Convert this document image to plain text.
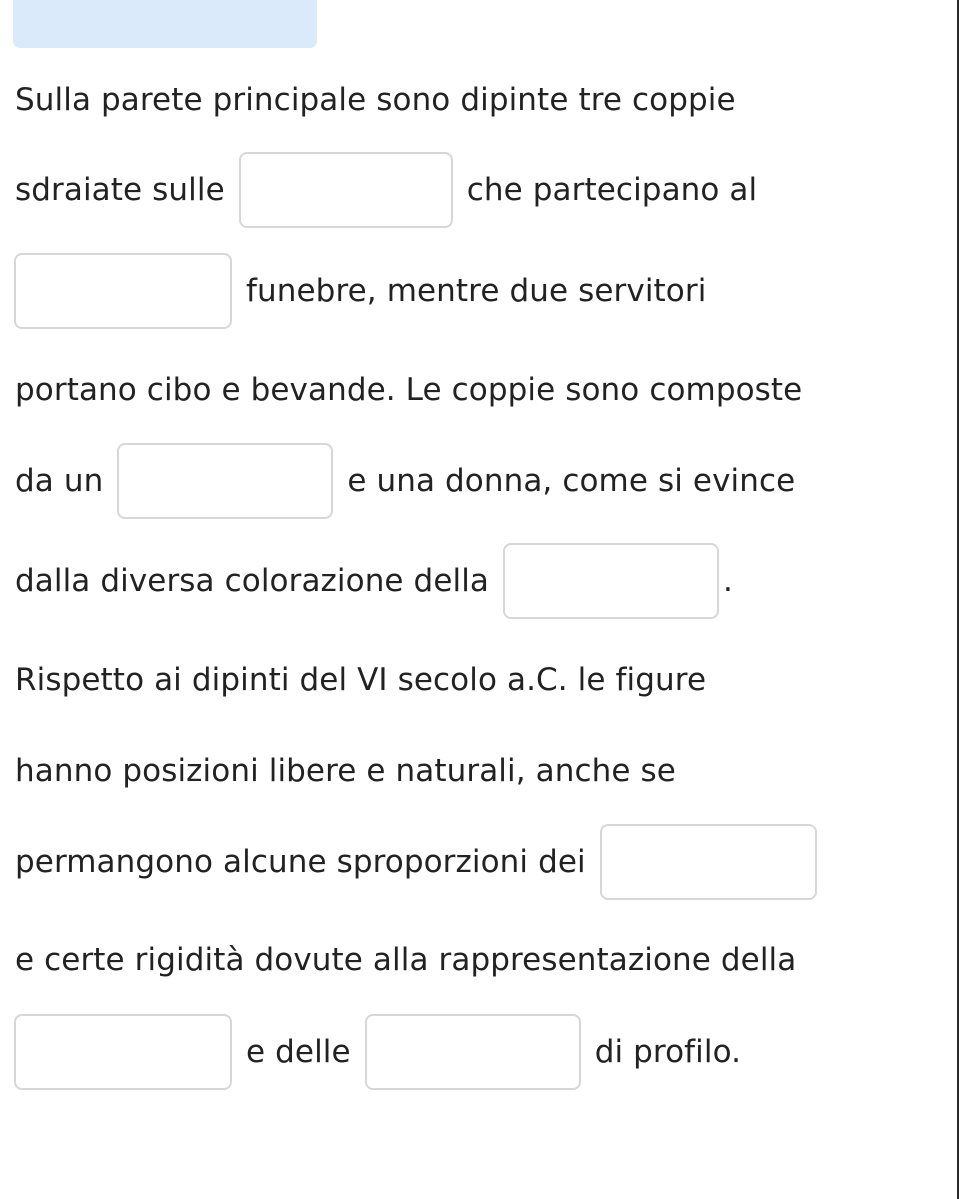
Sulla parete principale sono dipinte tre coppie
sdraiate sulle	che partecipano al
funebre, mentre due servitori
portano cibo e bevande. Le coppie sono composte
da un	e una donna, come si evince
dalla diversa colorazione della	.
Rispetto ai dipinti del VI secolo a.C. le figure
hanno posizioni libere e naturali, anche se
permangono alcune sproporzioni dei
e certe rigidità dovute alla rappresentazione della
e delle	di profilo.
